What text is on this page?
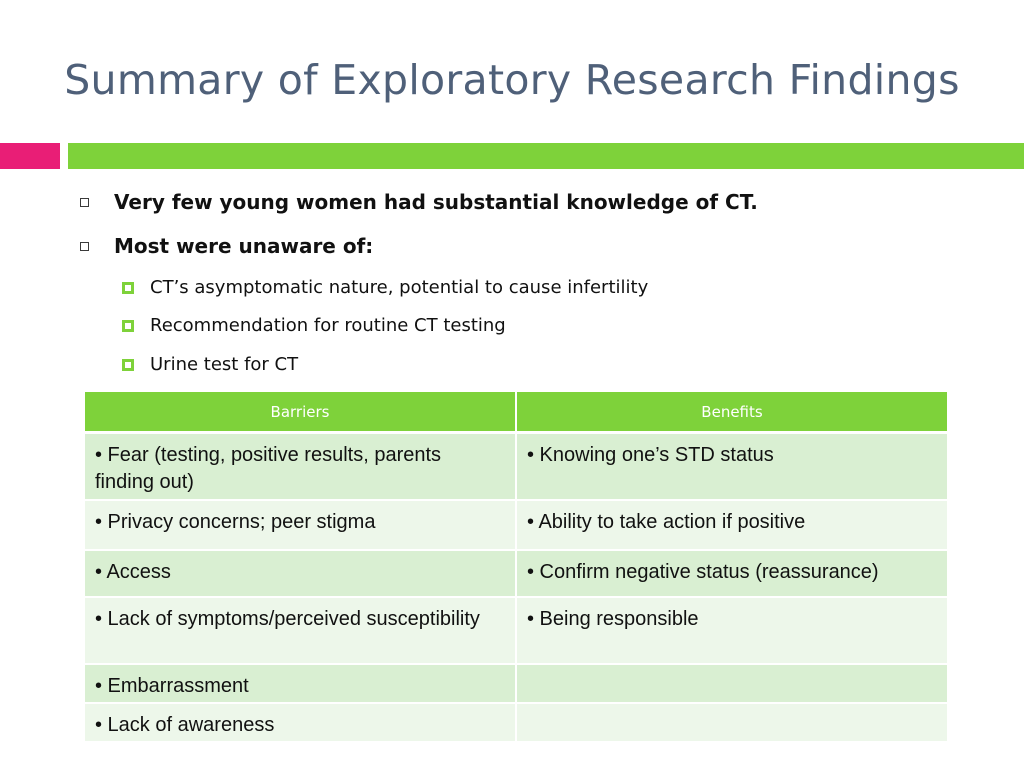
Summary of Exploratory Research Findings
Very few young women had substantial knowledge of CT.
Most were unaware of:
CT’s asymptomatic nature, potential to cause infertility
Recommendation for routine CT testing
Urine test for CT
Barriers	Benefits
• Fear (testing, positive results, parents finding out)	• Knowing one’s STD status
• Privacy concerns; peer stigma	• Ability to take action if positive
• Access	• Confirm negative status (reassurance)
• Lack of symptoms/perceived susceptibility	• Being responsible
• Embarrassment	
• Lack of awareness	
